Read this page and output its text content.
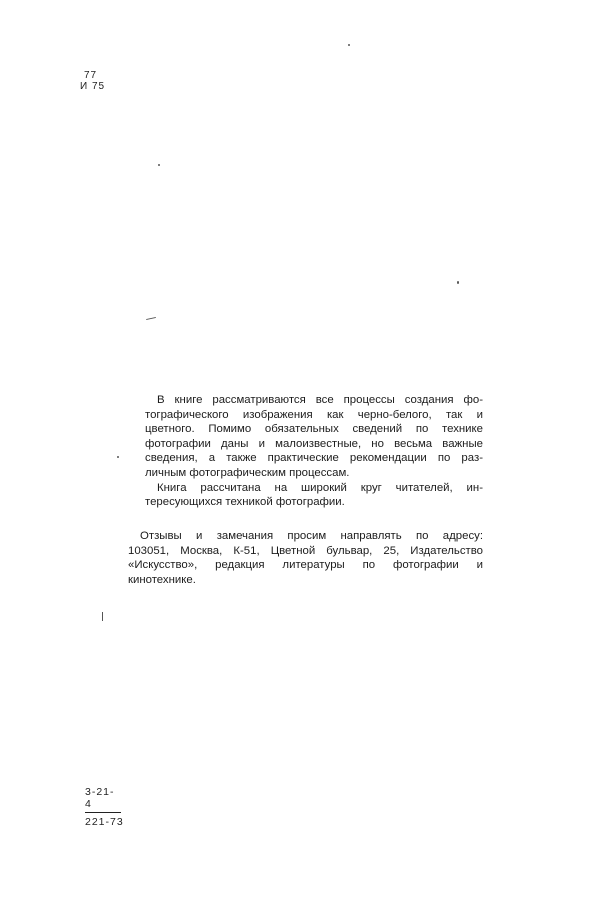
77
И 75
В книге рассматриваются все процессы создания фо-
тографического изображения как черно-белого, так и
цветного. Помимо обязательных сведений по технике
фотографии даны и малоизвестные, но весьма важные
сведения, а также практические рекомендации по раз-
личным фотографическим процессам.
Книга рассчитана на широкий круг читателей, ин-
тересующихся техникой фотографии.
Отзывы и замечания просим направлять по адресу:
103051, Москва, К-51, Цветной бульвар, 25, Издательство
«Искусство», редакция литературы по фотографии и
кинотехнике.
$\frac{3-21-4}{221-73}$
